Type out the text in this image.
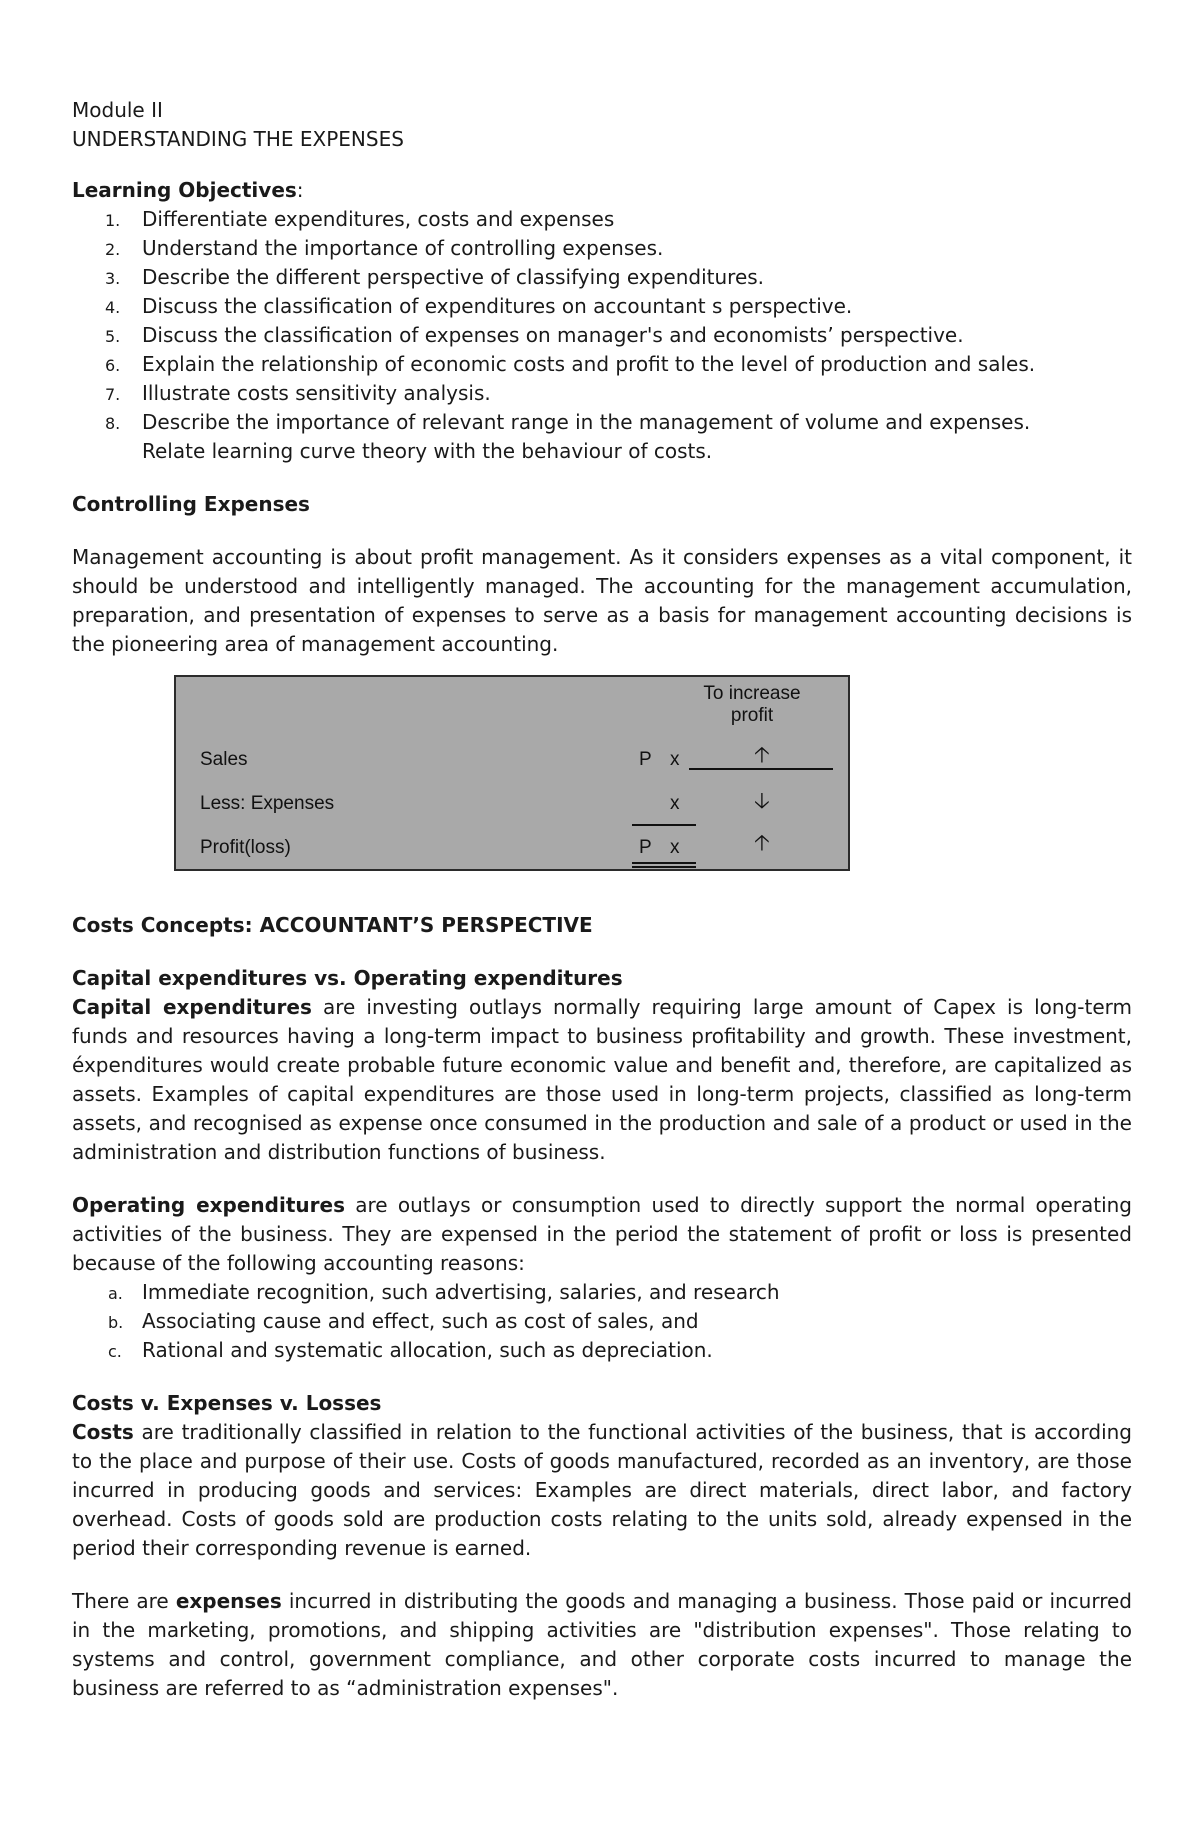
Module II

UNDERSTANDING THE EXPENSES

Learning Objectives:

1. Differentiate expenditures, costs and expenses
2. Understand the importance of controlling expenses.
3. Describe the different perspective of classifying expenditures.
4. Discuss the classification of expenditures on accountant s perspective.
5. Discuss the classification of expenses on manager's and economists’ perspective.
6. Explain the relationship of economic costs and profit to the level of production and sales.
7. Illustrate costs sensitivity analysis.
8. Describe the importance of relevant range in the management of volume and expenses.
Relate learning curve theory with the behaviour of costs.

Controlling Expenses

Management accounting is about profit management. As it considers expenses as a vital component, it should be understood and intelligently managed. The accounting for the management accumulation, preparation, and presentation of expenses to serve as a basis for management accounting decisions is the pioneering area of management accounting.

To increase profit
Sales
Less: Expenses
Profit(loss)
P x
x
P x
🡡
🡣
🡡

Costs Concepts: ACCOUNTANT’S PERSPECTIVE

Capital expenditures vs. Operating expenditures

Capital expenditures are investing outlays normally requiring large amount of Capex is long-term funds and resources having a long-term impact to business profitability and growth. These investment, éxpenditures would create probable future economic value and benefit and, therefore, are capitalized as assets. Examples of capital expenditures are those used in long-term projects, classified as long-term assets, and recognised as expense once consumed in the production and sale of a product or used in the administration and distribution functions of business.

Operating expenditures are outlays or consumption used to directly support the normal operating activities of the business. They are expensed in the period the statement of profit or loss is presented because of the following accounting reasons:

a. Immediate recognition, such advertising, salaries, and research
b. Associating cause and effect, such as cost of sales, and
c. Rational and systematic allocation, such as depreciation.

Costs v. Expenses v. Losses

Costs are traditionally classified in relation to the functional activities of the business, that is according to the place and purpose of their use. Costs of goods manufactured, recorded as an inventory, are those incurred in producing goods and services: Examples are direct materials, direct labor, and factory overhead. Costs of goods sold are production costs relating to the units sold, already expensed in the period their corresponding revenue is earned.

There are expenses incurred in distributing the goods and managing a business. Those paid or incurred in the marketing, promotions, and shipping activities are "distribution expenses". Those relating to systems and control, government compliance, and other corporate costs incurred to manage the business are referred to as “administration expenses".
